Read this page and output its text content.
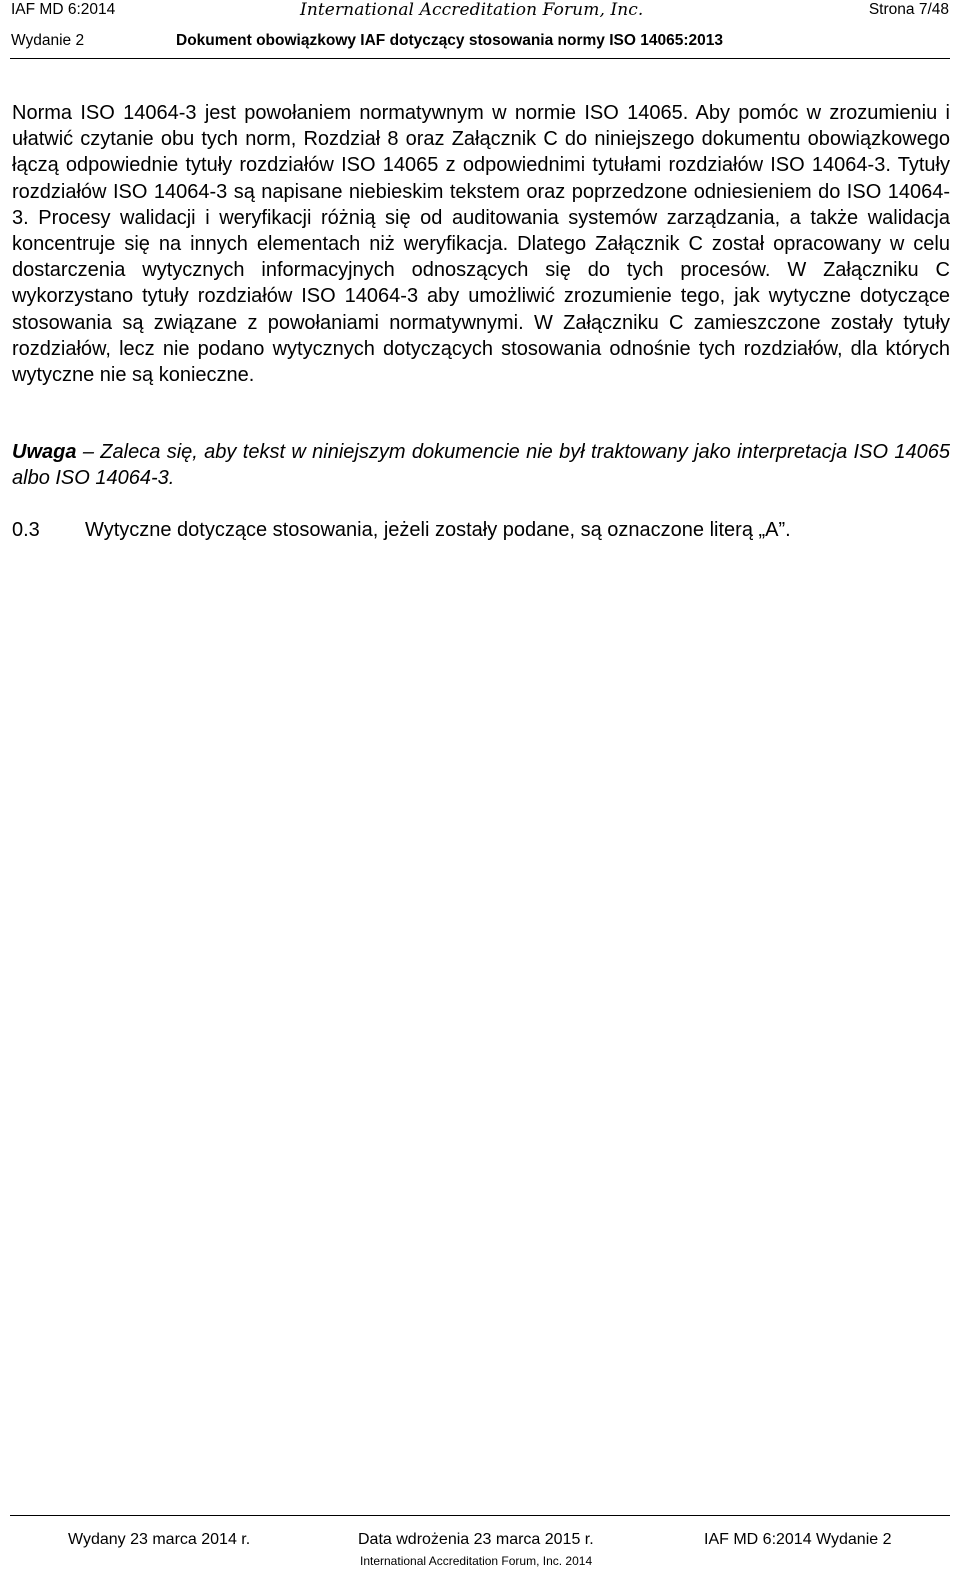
IAF MD 6:2014	International Accreditation Forum, Inc.	Strona 7/48
Wydanie 2	Dokument obowiązkowy IAF dotyczący stosowania normy ISO 14065:2013

Norma ISO 14064-3 jest powołaniem normatywnym w normie ISO 14065. Aby pomóc w zrozumieniu i ułatwić czytanie obu tych norm, Rozdział 8 oraz Załącznik C do niniejszego dokumentu obowiązkowego łączą odpowiednie tytuły rozdziałów ISO 14065 z odpowiednimi tytułami rozdziałów ISO 14064-3. Tytuły rozdziałów ISO 14064-3 są napisane niebieskim tekstem oraz poprzedzone odniesieniem do ISO 14064-3. Procesy walidacji i weryfikacji różnią się od auditowania systemów zarządzania, a także walidacja koncentruje się na innych elementach niż weryfikacja. Dlatego Załącznik C został opracowany w celu dostarczenia wytycznych informacyjnych odnoszących się do tych procesów. W Załączniku C wykorzystano tytuły rozdziałów ISO 14064-3 aby umożliwić zrozumienie tego, jak wytyczne dotyczące stosowania są związane z powołaniami normatywnymi. W Załączniku C zamieszczone zostały tytuły rozdziałów, lecz nie podano wytycznych dotyczących stosowania odnośnie tych rozdziałów, dla których wytyczne nie są konieczne.

Uwaga – Zaleca się, aby tekst w niniejszym dokumencie nie był traktowany jako interpretacja ISO 14065 albo ISO 14064-3.

0.3 Wytyczne dotyczące stosowania, jeżeli zostały podane, są oznaczone literą „A”.
Wydany 23 marca 2014 r.	Data wdrożenia 23 marca 2015 r.	IAF MD 6:2014 Wydanie 2
International Accreditation Forum, Inc. 2014
